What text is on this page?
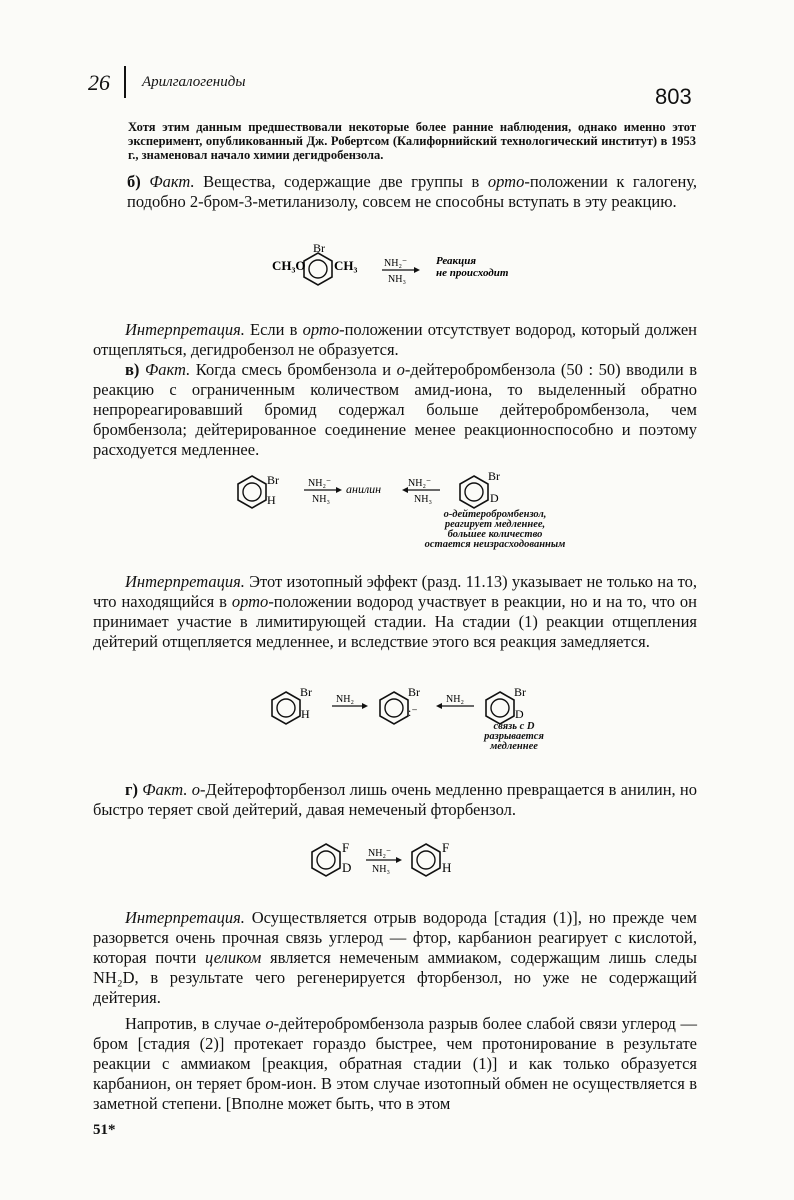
26 Арилгалогениды
803
Хотя этим данным предшествовали некоторые более ранние наблюдения, однако именно этот эксперимент, опубликованный Дж. Робертсом (Калифорнийский технологический институт) в 1953 г., знаменовал начало химии дегидробензола.
б) Факт. Вещества, содержащие две группы в орто-положении к галогену, подобно 2-бром-3-метиланизолу, совсем не способны вступать в эту реакцию.
Br
CH₃O CH₃	NH₂⁻
NH₃
Реакция
не происходит
Интерпретация. Если в орто-положении отсутствует водород, который должен отщепляться, дегидробензол не образуется.
в) Факт. Когда смесь бромбензола и о-дейтеробромбензола (50 : 50) вводили в реакцию с ограниченным количеством амид-иона, то выделенный обратно непрореагировавший бромид содержал больше дейтеробромбензола, чем бромбензола; дейтерированное соединение менее реакционноспособно и поэтому расходуется медленнее.
Br
H
NH₂⁻
NH₃
анилин	NH₂⁻
NH₃
Br
D
о-дейтеробромбензол,
реагирует медленнее,
большее количество
остается неизрасходованным
Интерпретация. Этот изотопный эффект (разд. 11.13) указывает не только на то, что находящийся в орто-положении водород участвует в реакции, но и на то, что он принимает участие в лимитирующей стадии. На стадии (1) реакции отщепления дейтерий отщепляется медленнее, и вследствие этого вся реакция замедляется.
Br
H
NH₂
Br
:⁻
NH₂
Br
D
связь с D
разрывается
медленнее
г) Факт. о-Дейтерофторбензол лишь очень медленно превращается в анилин, но быстро теряет свой дейтерий, давая немеченый фторбензол.
F
D
NH₂⁻
NH₃
F
H
Интерпретация. Осуществляется отрыв водорода [стадия (1)], но прежде чем разорвется очень прочная связь углерод — фтор, карбанион реагирует с кислотой, которая почти целиком является немеченым аммиаком, содержащим лишь следы NH₂D, в результате чего регенерируется фторбензол, но уже не содержащий дейтерия.
Напротив, в случае о-дейтеробромбензола разрыв более слабой связи углерод — бром [стадия (2)] протекает гораздо быстрее, чем протонирование в результате реакции с аммиаком [реакция, обратная стадии (1)] и как только образуется карбанион, он теряет бром-ион. В этом случае изотопный обмен не осуществляется в заметной степени. [Вполне может быть, что в этом
51*
